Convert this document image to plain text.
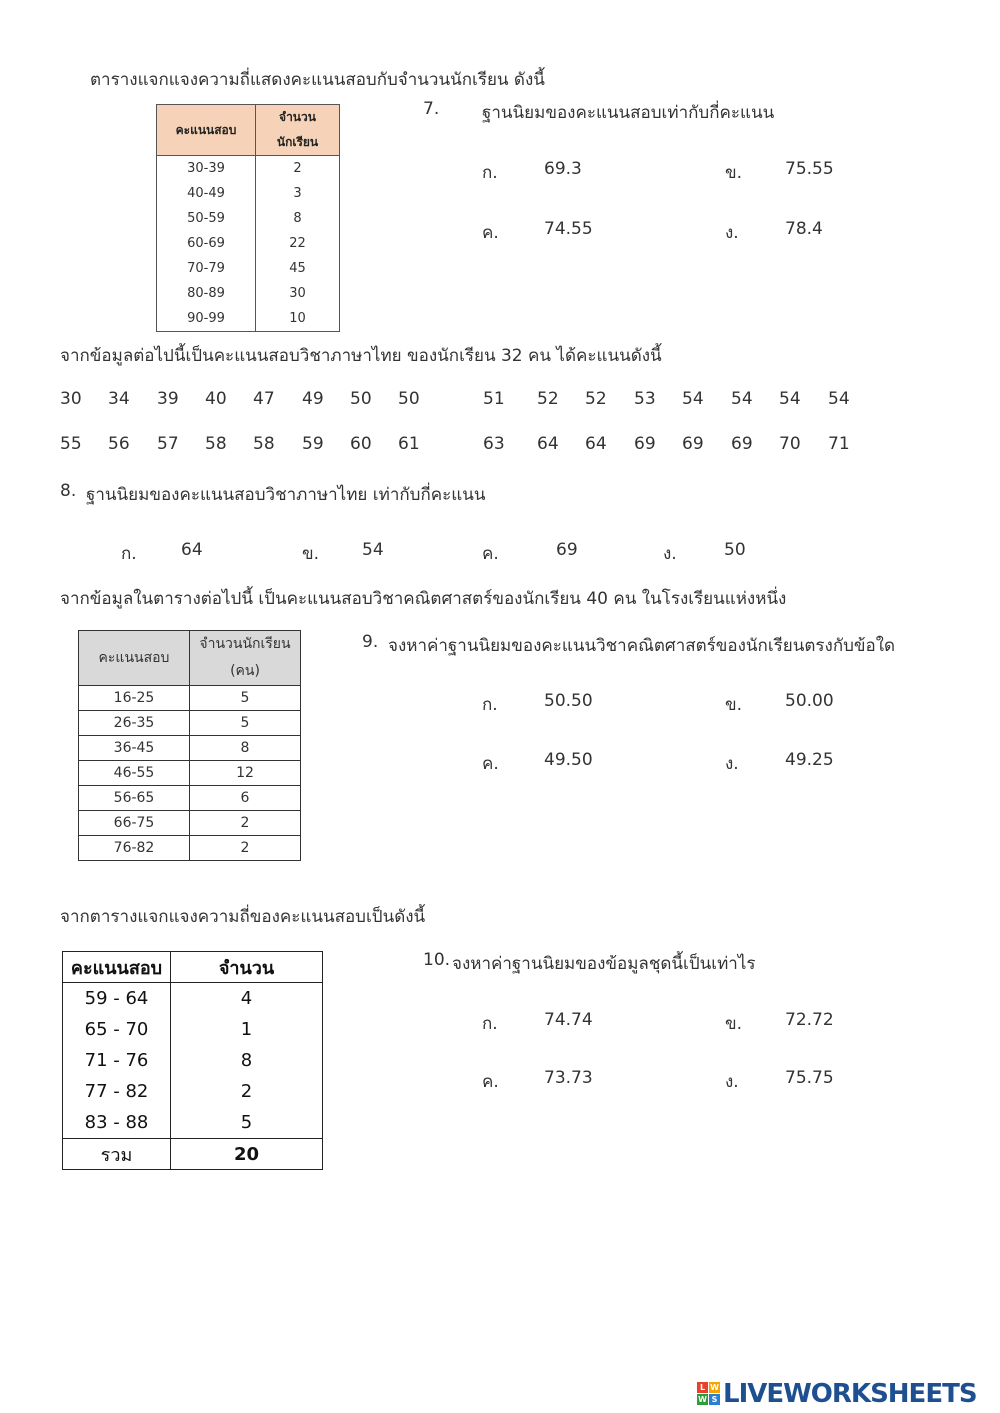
ตารางแจกแจงความถี่แสดงคะแนนสอบกับจำนวนนักเรียน ดังนี้
คะแนนสอบ	จำนวน นักเรียน
30-39	2
40-49	3
50-59	8
60-69	22
70-79	45
80-89	30
90-99	10
7.	ฐานนิยมของคะแนนสอบเท่ากับกี่คะแนน
ก.	69.3	ข.	75.55
ค.	74.55	ง.	78.4
จากข้อมูลต่อไปนี้เป็นคะแนนสอบวิชาภาษาไทย ของนักเรียน 32 คน ได้คะแนนดังนี้
30 34 39 40 47 49 50 50	51 52 52 53 54 54 54 54
55 56 57 58 58 59 60 61	63 64 64 69 69 69 70 71
8. ฐานนิยมของคะแนนสอบวิชาภาษาไทย เท่ากับกี่คะแนน
ก.	64	ข.	54	ค.	69	ง.	50
จากข้อมูลในตารางต่อไปนี้ เป็นคะแนนสอบวิชาคณิตศาสตร์ของนักเรียน 40 คน ในโรงเรียนแห่งหนึ่ง
คะแนนสอบ	จำนวนนักเรียน (คน)
16-25	5
26-35	5
36-45	8
46-55	12
56-65	6
66-75	2
76-82	2
9. จงหาค่าฐานนิยมของคะแนนวิชาคณิตศาสตร์ของนักเรียนตรงกับข้อใด
ก.	50.50	ข.	50.00
ค.	49.50	ง.	49.25
จากตารางแจกแจงความถี่ของคะแนนสอบเป็นดังนี้
คะแนนสอบ	จำนวน
59 - 64	4
65 - 70	1
71 - 76	8
77 - 82	2
83 - 88	5
รวม	20
10. จงหาค่าฐานนิยมของข้อมูลชุดนี้เป็นเท่าไร
ก.	74.74	ข.	72.72
ค.	73.73	ง.	75.75
L W
W S LIVEWORKSHEETS
